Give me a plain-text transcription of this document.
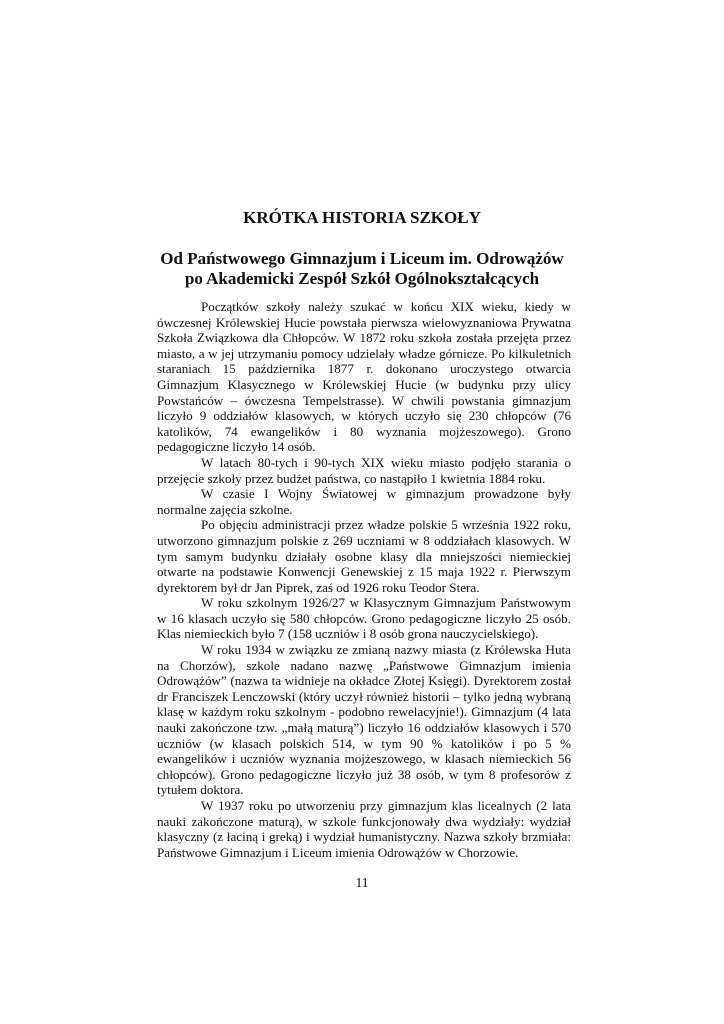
KRÓTKA HISTORIA SZKOŁY
Od Państwowego Gimnazjum i Liceum im. Odrowążów
po Akademicki Zespół Szkół Ogólnokształcących

Początków szkoły należy szukać w końcu XIX wieku, kiedy w ówczesnej Królewskiej Hucie powstała pierwsza wielowyznaniowa Prywatna Szkoła Związkowa dla Chłopców. W 1872 roku szkoła została przejęta przez miasto, a w jej utrzymaniu pomocy udzielały władze górnicze. Po kilkuletnich staraniach 15 października 1877 r. dokonano uroczystego otwarcia Gimnazjum Klasycznego w Królewskiej Hucie (w budynku przy ulicy Powstańców – ówczesna Tempelstrasse). W chwili powstania gimnazjum liczyło 9 oddziałów klasowych, w których uczyło się 230 chłopców (76 katolików, 74 ewangelików i 80 wyznania mojżeszowego). Grono pedagogiczne liczyło 14 osób.

W latach 80-tych i 90-tych XIX wieku miasto podjęło starania o przejęcie szkoły przez budżet państwa, co nastąpiło 1 kwietnia 1884 roku.

W czasie I Wojny Światowej w gimnazjum prowadzone były normalne zajęcia szkolne.

Po objęciu administracji przez władze polskie 5 września 1922 roku, utworzono gimnazjum polskie z 269 uczniami w 8 oddziałach klasowych. W tym samym budynku działały osobne klasy dla mniejszości niemieckiej otwarte na podstawie Konwencji Genewskiej z 15 maja 1922 r. Pierwszym dyrektorem był dr Jan Piprek, zaś od 1926 roku Teodor Stera.

W roku szkolnym 1926/27 w Klasycznym Gimnazjum Państwowym w 16 klasach uczyło się 580 chłopców. Grono pedagogiczne liczyło 25 osób. Klas niemieckich było 7 (158 uczniów i 8 osób grona nauczycielskiego).

W roku 1934 w związku ze zmianą nazwy miasta (z Królewska Huta na Chorzów), szkole nadano nazwę „Państwowe Gimnazjum imienia Odrowążów” (nazwa ta widnieje na okładce Złotej Księgi). Dyrektorem został dr Franciszek Lenczowski (który uczył również historii – tylko jedną wybraną klasę w każdym roku szkolnym - podobno rewelacyjnie!). Gimnazjum (4 lata nauki zakończone tzw. „małą maturą”) liczyło 16 oddziałów klasowych i 570 uczniów (w klasach polskich 514, w tym 90 % katolików i po 5 % ewangelików i uczniów wyznania mojżeszowego, w klasach niemieckich 56 chłopców). Grono pedagogiczne liczyło już 38 osób, w tym 8 profesorów z tytułem doktora.

W 1937 roku po utworzeniu przy gimnazjum klas licealnych (2 lata nauki zakończone maturą), w szkole funkcjonowały dwa wydziały: wydział klasyczny (z łaciną i greką) i wydział humanistyczny. Nazwa szkoły brzmiała: Państwowe Gimnazjum i Liceum imienia Odrowążów w Chorzowie.

11
